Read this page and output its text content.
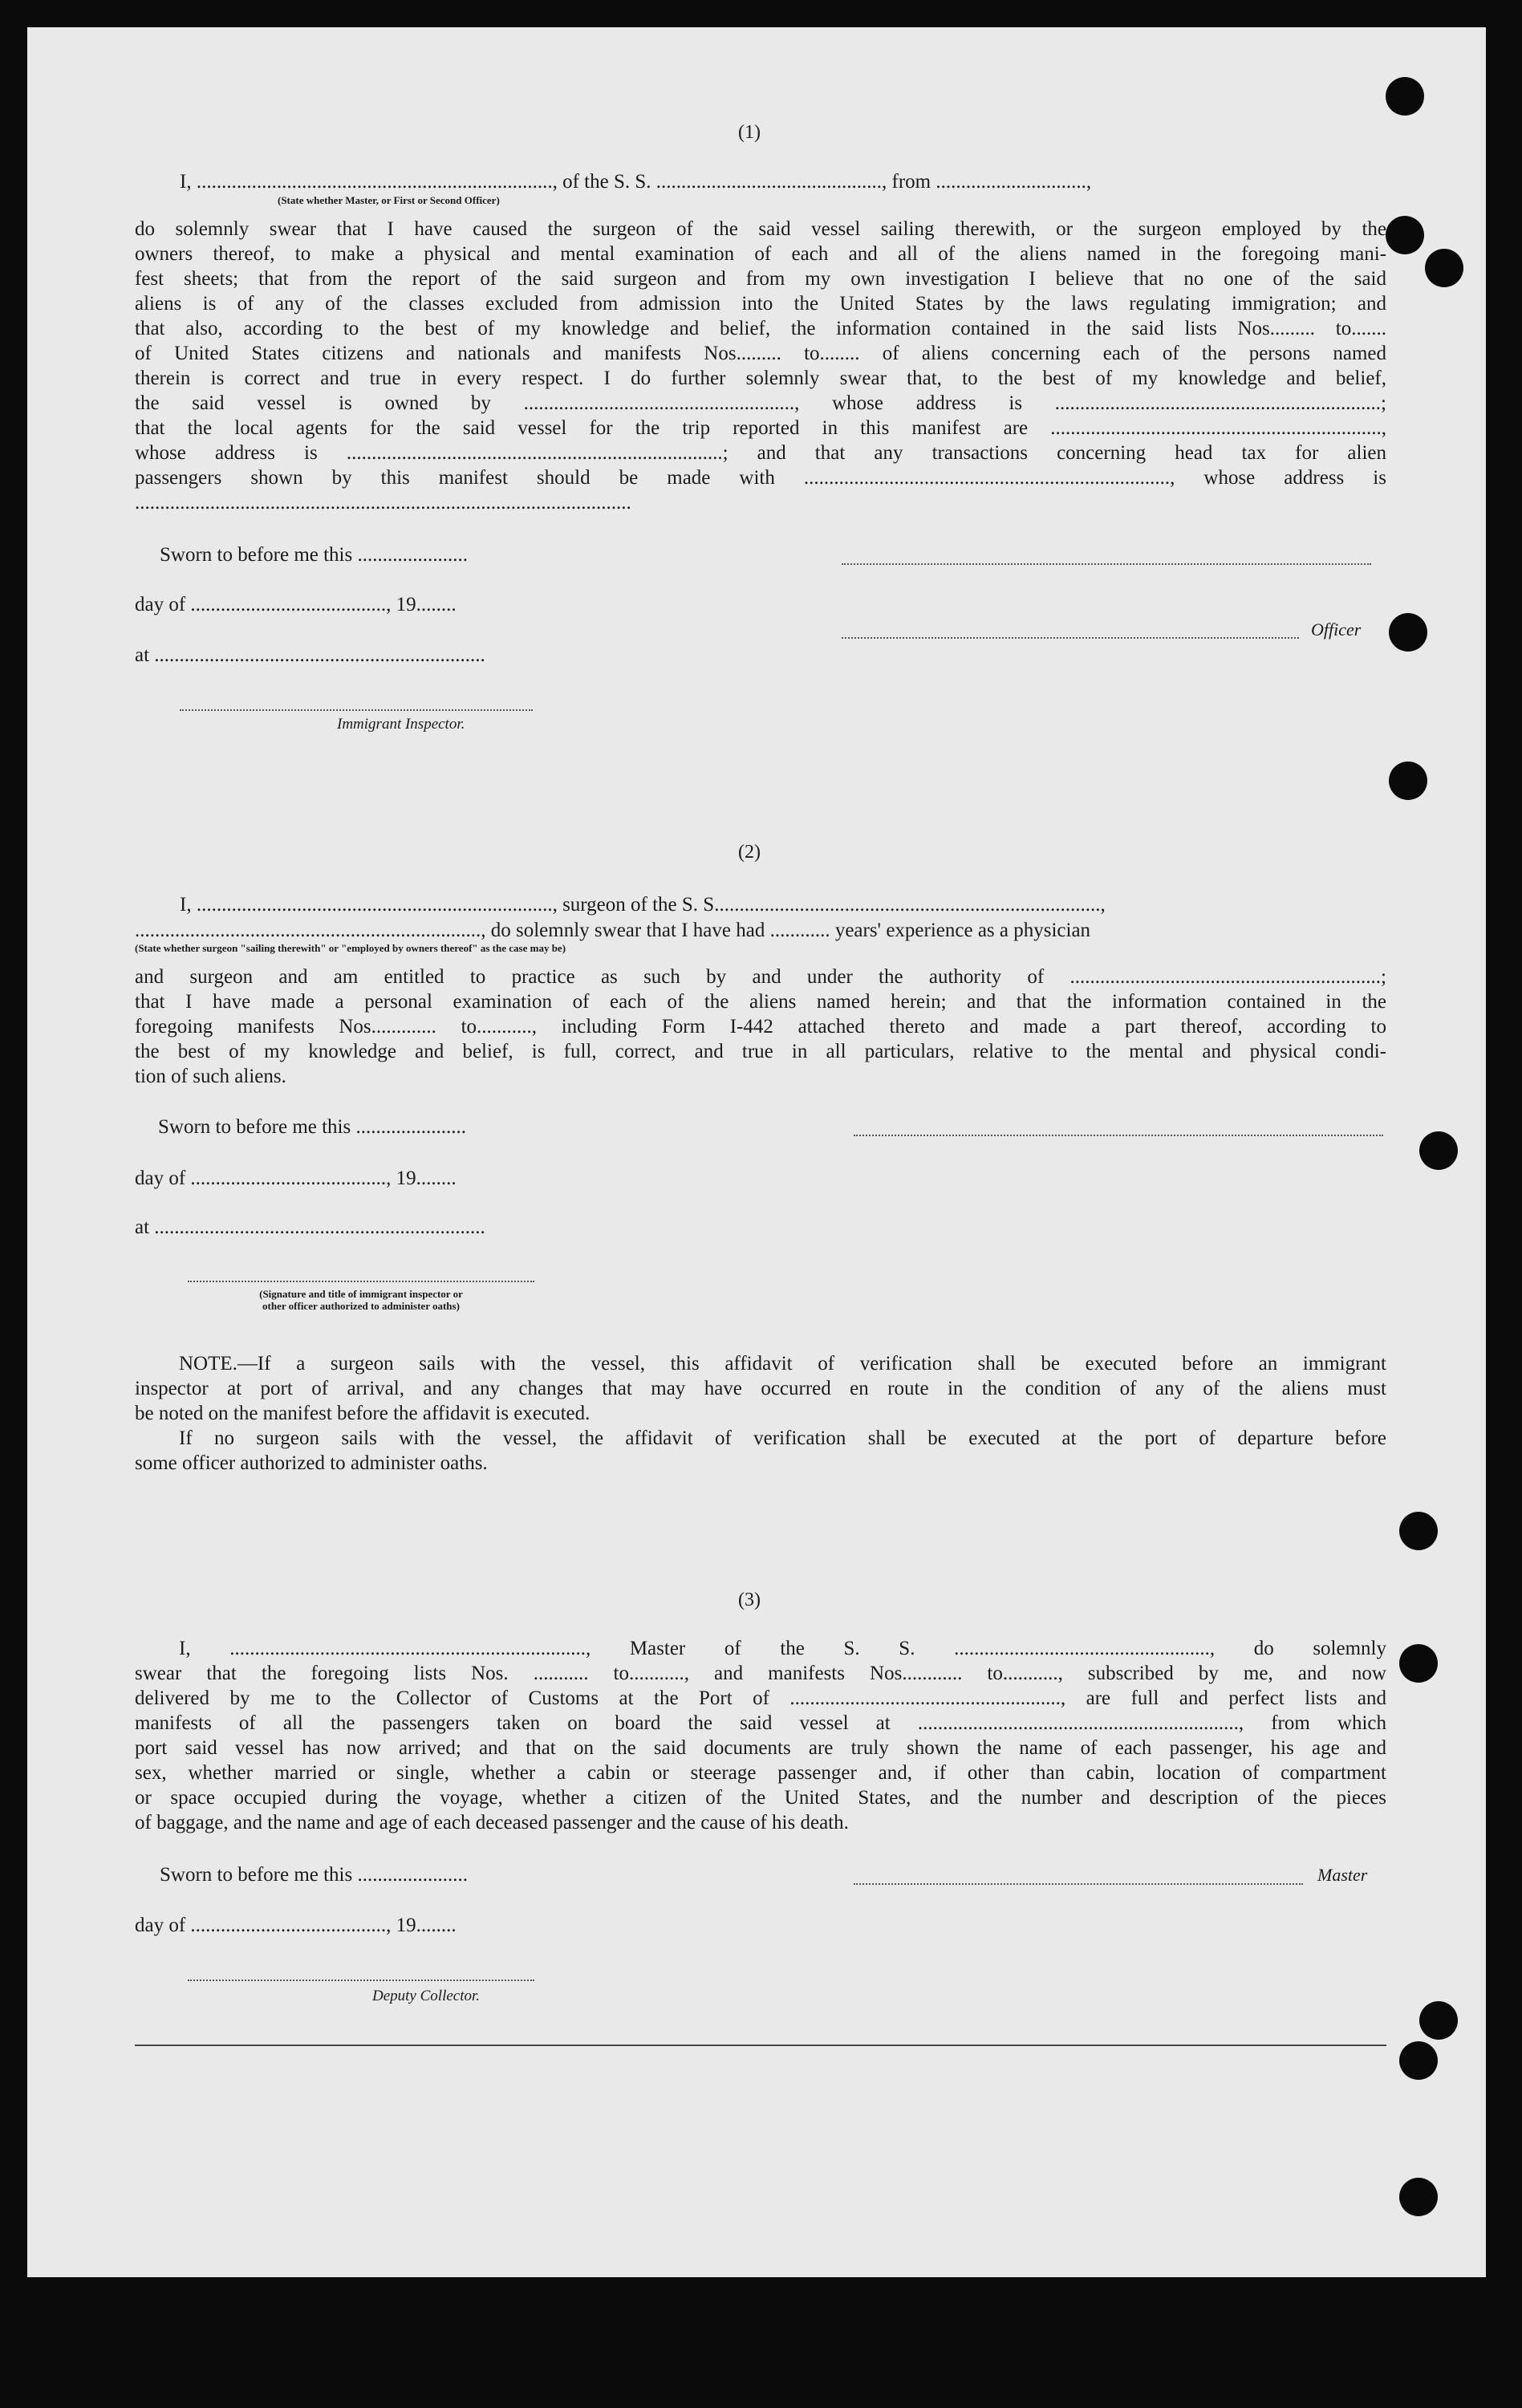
(1)
I, ......................................................................., of the S. S. ............................................., from ..............................,
(State whether Master, or First or Second Officer)
do solemnly swear that I have caused the surgeon of the said vessel sailing therewith, or the surgeon employed by the
owners thereof, to make a physical and mental examination of each and all of the aliens named in the foregoing mani-
fest sheets; that from the report of the said surgeon and from my own investigation I believe that no one of the said
aliens is of any of the classes excluded from admission into the United States by the laws regulating immigration; and
that also, according to the best of my knowledge and belief, the information contained in the said lists Nos......... to.......
of United States citizens and nationals and manifests Nos......... to........ of aliens concerning each of the persons named
therein is correct and true in every respect. I do further solemnly swear that, to the best of my knowledge and belief,
the said vessel is owned by ......................................................, whose address is .................................................................;
that the local agents for the said vessel for the trip reported in this manifest are ..................................................................,
whose address is ...........................................................................; and that any transactions concerning head tax for alien
passengers shown by this manifest should be made with ........................................................................., whose address is
...................................................................................................
Sworn to before me this ......................
day of ......................................., 19........
Officer
at ..................................................................
Immigrant Inspector.
(2)
I, ......................................................................., surgeon of the S. S.............................................................................,
....................................................................., do solemnly swear that I have had ............ years' experience as a physician
(State whether surgeon "sailing therewith" or "employed by owners thereof" as the case may be)
and surgeon and am entitled to practice as such by and under the authority of ..............................................................;
that I have made a personal examination of each of the aliens named herein; and that the information contained in the
foregoing manifests Nos............. to..........., including Form I-442 attached thereto and made a part thereof, according to
the best of my knowledge and belief, is full, correct, and true in all particulars, relative to the mental and physical condi-
tion of such aliens.
Sworn to before me this ......................
day of ......................................., 19........
at ..................................................................
(Signature and title of immigrant inspector or
other officer authorized to administer oaths)
NOTE.—If a surgeon sails with the vessel, this affidavit of verification shall be executed before an immigrant
inspector at port of arrival, and any changes that may have occurred en route in the condition of any of the aliens must
be noted on the manifest before the affidavit is executed.
If no surgeon sails with the vessel, the affidavit of verification shall be executed at the port of departure before
some officer authorized to administer oaths.
(3)
I, ......................................................................., Master of the S. S. ..................................................., do solemnly
swear that the foregoing lists Nos. ........... to..........., and manifests Nos............ to..........., subscribed by me, and now
delivered by me to the Collector of Customs at the Port of ......................................................, are full and perfect lists and
manifests of all the passengers taken on board the said vessel at ................................................................, from which
port said vessel has now arrived; and that on the said documents are truly shown the name of each passenger, his age and
sex, whether married or single, whether a cabin or steerage passenger and, if other than cabin, location of compartment
or space occupied during the voyage, whether a citizen of the United States, and the number and description of the pieces
of baggage, and the name and age of each deceased passenger and the cause of his death.
Sworn to before me this ......................	Master
day of ......................................., 19........
Deputy Collector.
